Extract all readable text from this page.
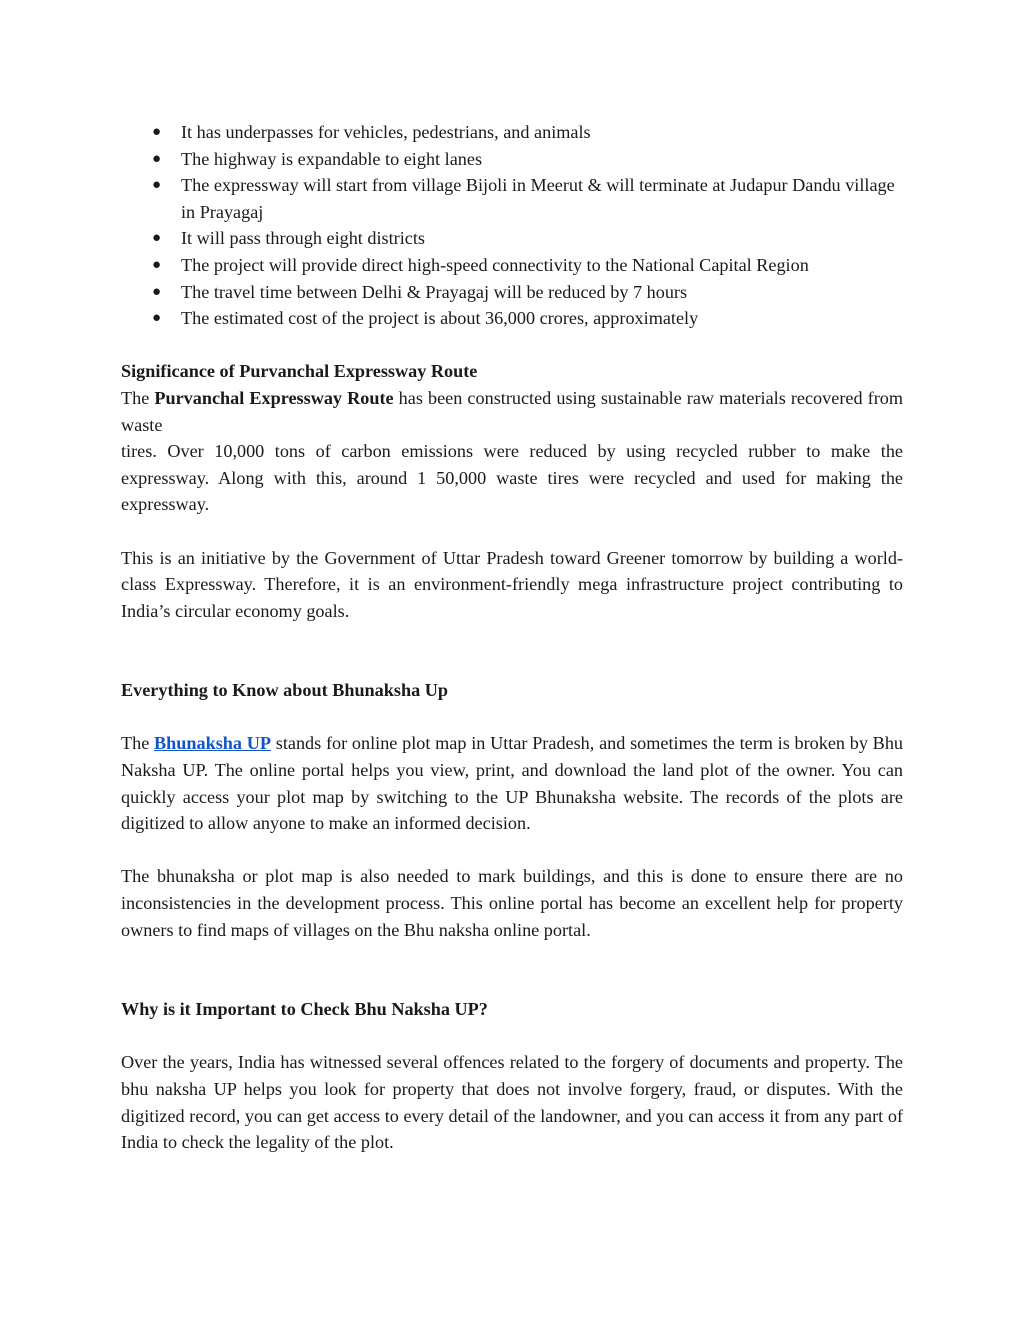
● It has underpasses for vehicles, pedestrians, and animals
● The highway is expandable to eight lanes
● The expressway will start from village Bijoli in Meerut & will terminate at Judapur Dandu village in Prayagaj
● It will pass through eight districts
● The project will provide direct high-speed connectivity to the National Capital Region
● The travel time between Delhi & Prayagaj will be reduced by 7 hours
● The estimated cost of the project is about 36,000 crores, approximately
Significance of Purvanchal Expressway Route

The Purvanchal Expressway Route has been constructed using sustainable raw materials recovered from waste

tires. Over 10,000 tons of carbon emissions were reduced by using recycled rubber to make the expressway. Along with this, around 1 50,000 waste tires were recycled and used for making the expressway.

This is an initiative by the Government of Uttar Pradesh toward Greener tomorrow by building a world-class Expressway. Therefore, it is an environment-friendly mega infrastructure project contributing to India’s circular economy goals.

Everything to Know about Bhunaksha Up

The Bhunaksha UP stands for online plot map in Uttar Pradesh, and sometimes the term is broken by Bhu Naksha UP. The online portal helps you view, print, and download the land plot of the owner. You can quickly access your plot map by switching to the UP Bhunaksha website. The records of the plots are digitized to allow anyone to make an informed decision.

The bhunaksha or plot map is also needed to mark buildings, and this is done to ensure there are no inconsistencies in the development process. This online portal has become an excellent help for property owners to find maps of villages on the Bhu naksha online portal.

Why is it Important to Check Bhu Naksha UP?

Over the years, India has witnessed several offences related to the forgery of documents and property. The bhu naksha UP helps you look for property that does not involve forgery, fraud, or disputes. With the digitized record, you can get access to every detail of the landowner, and you can access it from any part of India to check the legality of the plot.
